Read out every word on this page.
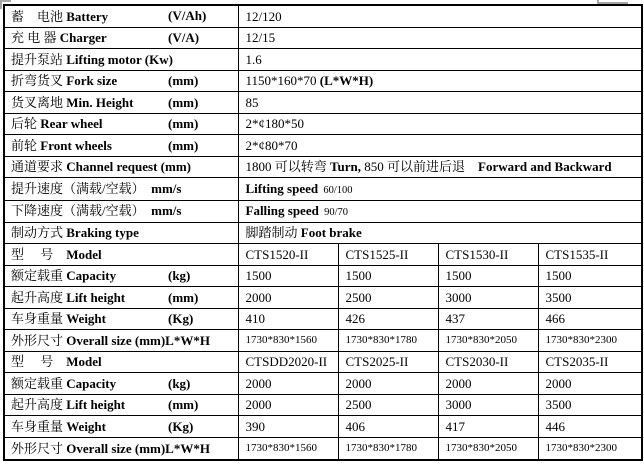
蓄　电池 Battery (V/Ah)	12/120			
充 电 器 Charger (V/A)	12/15			
提升泵站 Lifting motor (Kw)	1.6			
折弯货叉 Fork size (mm)	1150*160*70 (L*W*H)			
货叉离地 Min. Height (mm)	85			
后轮 Rear wheel (mm)	2*¢180*50			
前轮 Front wheels (mm)	2*¢80*70			
通道要求 Channel request (mm)	1800 可以转弯 Turn, 850 可以前进后退　Forward and Backward			
提升速度（满载/空载）　mm/s	Lifting speed  60/100			
下降速度（满载/空载）　mm/s	Falling speed  90/70			
制动方式 Braking type	脚踏制动 Foot brake			
型　 号　Model	CTS1520-II	CTS1525-II	CTS1530-II	CTS1535-II
额定载重 Capacity (kg)	1500	1500	1500	1500
起升高度 Lift height (mm)	2000	2500	3000	3500
车身重量 Weight (Kg)	410	426	437	466
外形尺寸 Overall size (mm)L*W*H	1730*830*1560	1730*830*1780	1730*830*2050	1730*830*2300
型　 号　Model	CTSDD2020-II	CTS2025-II	CTS2030-II	CTS2035-II
额定载重 Capacity (kg)	2000	2000	2000	2000
起升高度 Lift height (mm)	2000	2500	3000	3500
车身重量 Weight (Kg)	390	406	417	446
外形尺寸 Overall size (mm)L*W*H	1730*830*1560	1730*830*1780	1730*830*2050	1730*830*2300
